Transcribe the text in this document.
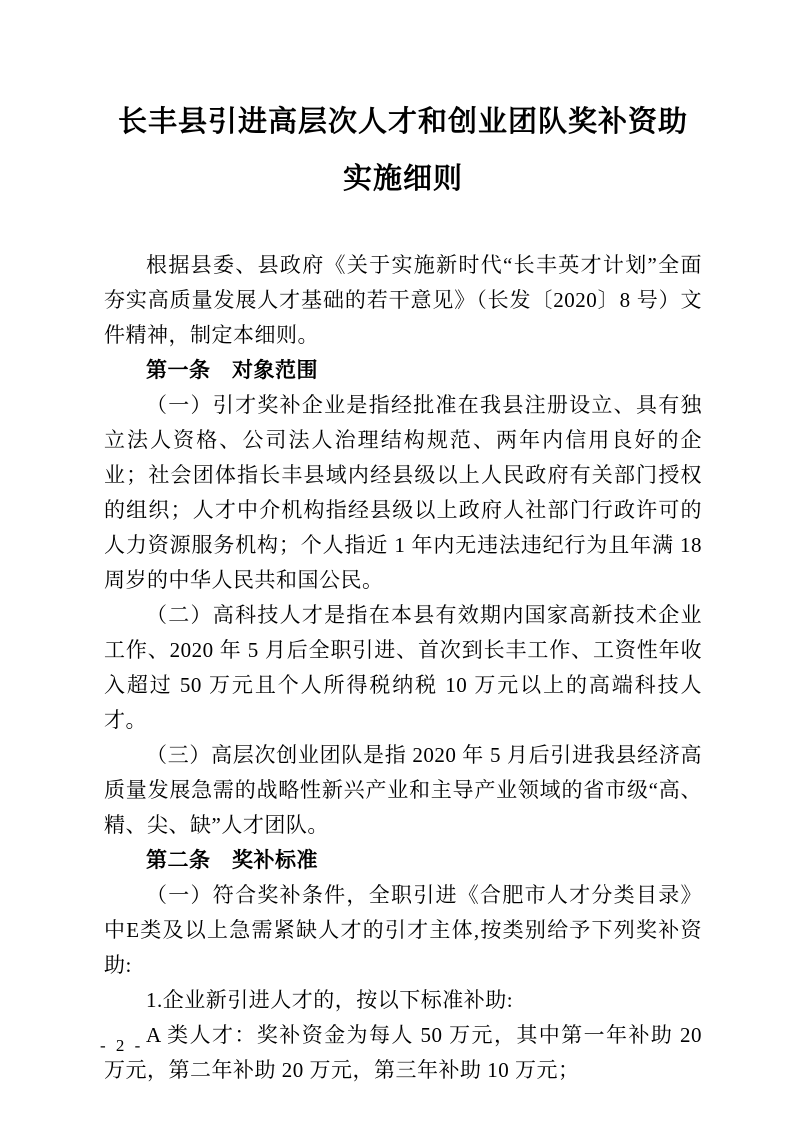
长丰县引进高层次人才和创业团队奖补资助
实施细则

根据县委、县政府《关于实施新时代“长丰英才计划”全面夯实高质量发展人才基础的若干意见》（长发〔2020〕8 号）文件精神，制定本细则。

第一条　对象范围

（一）引才奖补企业是指经批准在我县注册设立、具有独立法人资格、公司法人治理结构规范、两年内信用良好的企业；社会团体指长丰县域内经县级以上人民政府有关部门授权的组织；人才中介机构指经县级以上政府人社部门行政许可的人力资源服务机构；个人指近 1 年内无违法违纪行为且年满 18 周岁的中华人民共和国公民。

（二）高科技人才是指在本县有效期内国家高新技术企业工作、2020 年 5 月后全职引进、首次到长丰工作、工资性年收入超过 50 万元且个人所得税纳税 10 万元以上的高端科技人才。

（三）高层次创业团队是指 2020 年 5 月后引进我县经济高质量发展急需的战略性新兴产业和主导产业领域的省市级“高、精、尖、缺”人才团队。

第二条　奖补标准

（一）符合奖补条件，全职引进《合肥市人才分类目录》中E类及以上急需紧缺人才的引才主体,按类别给予下列奖补资助:

1.企业新引进人才的，按以下标准补助:

A 类人才：奖补资金为每人 50 万元，其中第一年补助 20 万元，第二年补助 20 万元，第三年补助 10 万元；

- 2 -
